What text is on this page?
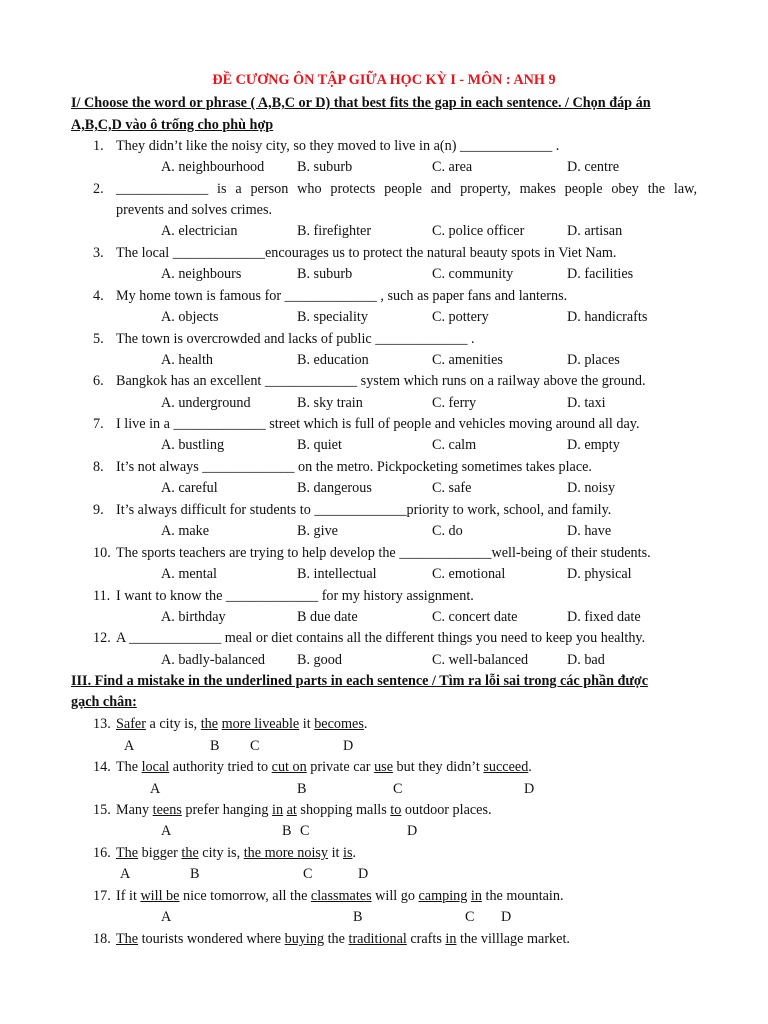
ĐỀ CƯƠNG ÔN TẬP GIỮA HỌC KỲ I - MÔN : ANH 9
I/ Choose the word or phrase ( A,B,C or D) that best fits the gap in each sentence. / Chọn đáp án
A,B,C,D vào ô trống cho phù hợp
1. They didn’t like the noisy city, so they moved to live in a(n) _____________ .
A. neighbourhood B. suburb	C. area	D. centre
2. _____________ is a person who protects people and property, makes people obey the law,
prevents and solves crimes.
A. electrician	B. firefighter	C. police officer	D. artisan
3. The local _____________encourages us to protect the natural beauty spots in Viet Nam.
A. neighbours	B. suburb	C. community	D. facilities
4. My home town is famous for _____________ , such as paper fans and lanterns.
A. objects	B. speciality	C. pottery	D. handicrafts
5. The town is overcrowded and lacks of public _____________ .
A. health	B. education	C. amenities	D. places
6. Bangkok has an excellent _____________ system which runs on a railway above the ground.
A. underground	B. sky train	C. ferry	D. taxi
7. I live in a _____________ street which is full of people and vehicles moving around all day.
A. bustling	B. quiet	C. calm	D. empty
8. It’s not always _____________ on the metro. Pickpocketing sometimes takes place.
A. careful	B. dangerous	C. safe	D. noisy
9. It’s always difficult for students to _____________priority to work, school, and family.
A. make	B. give	C. do	D. have
10. The sports teachers are trying to help develop the _____________well-being of their students.
A. mental	B. intellectual	C. emotional	D. physical
11. I want to know the _____________ for my history assignment.
A. birthday	B due date	C. concert date	D. fixed date
12. A _____________ meal or diet contains all the different things you need to keep you healthy.
A. badly-balanced B. good	C. well-balanced	D. bad
III. Find a mistake in the underlined parts in each sentence / Tìm ra lỗi sai trong các phần được
gạch chân:
13. Safer a city is, the more liveable it becomes.
A	B C	D
14. The local authority tried to cut on private car use but they didn’t succeed.
A	B	C	D
15. Many teens prefer hanging in at shopping malls to outdoor places.
A	B C	D
16. The bigger the city is, the more noisy it is.
A	B	C	D
17. If it will be nice tomorrow, all the classmates will go camping in the mountain.
A	B	C D
18. The tourists wondered where buying the traditional crafts in the villlage market.
